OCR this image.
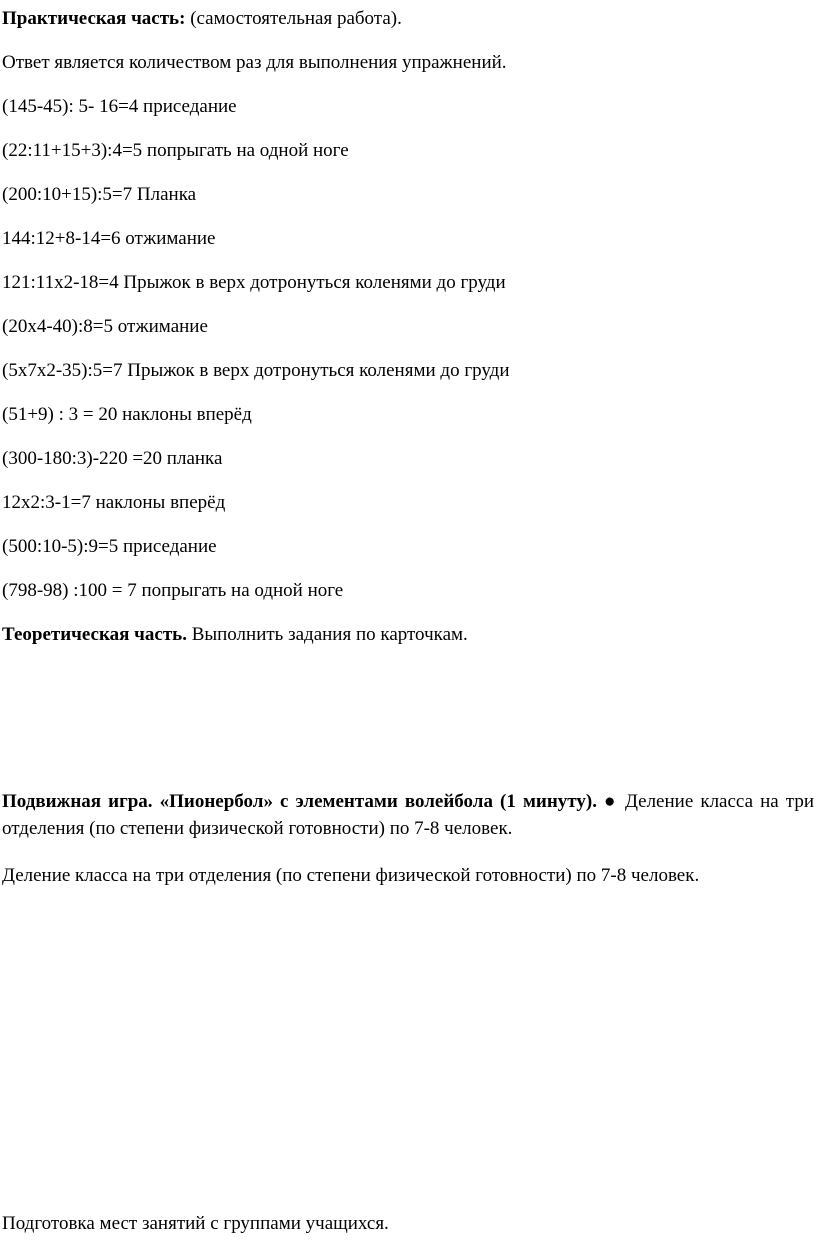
Практическая часть: (самостоятельная работа).
Ответ является количеством раз для выполнения упражнений.
(145-45): 5- 16=4 приседание
(22:11+15+3):4=5 попрыгать на одной ноге
(200:10+15):5=7 Планка
144:12+8-14=6 отжимание
121:11х2-18=4 Прыжок в верх дотронуться коленями до груди
(20х4-40):8=5 отжимание
(5х7х2-35):5=7 Прыжок в верх дотронуться коленями до груди
(51+9) : 3 = 20 наклоны вперёд
(300-180:3)-220 =20 планка
12х2:3-1=7 наклоны вперёд
(500:10-5):9=5 приседание
(798-98) :100 = 7 попрыгать на одной ноге
Теоретическая часть. Выполнить задания по карточкам.
Подвижная игра. «Пионербол» с элементами волейбола (1 минуту). ● Деление класса на три отделения (по степени физической готовности) по 7-8 человек.
Деление класса на три отделения (по степени физической готовности) по 7-8 человек.
Подготовка мест занятий с группами учащихся.
